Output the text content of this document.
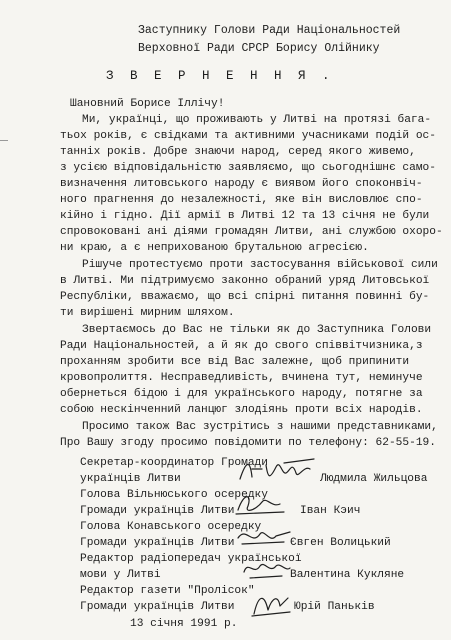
Заступнику Голови Ради Національностей
Верховної Ради СРСР Борису Олійнику
З В Е Р Н Е Н Н Я .
Шановний Борисе Іллічу!
Ми, українці, що проживають у Литві на протязі бага-
тьох років, є свідками та активними учасниками подій ос-
танніх років. Добре знаючи народ, серед якого живемо,
з усією відповідальністю заявляємо, що сьогоднішнє само-
визначення литовського народу є виявом його споконвіч-
ного прагнення до незалежності, яке він висловлює спо-
кійно і гідно. Дії армії в Литві 12 та 13 січня не були
спровоковані ані діями громадян Литви, ані службою охоро-
ни краю, а є неприхованою брутальною агресією.
Рішуче протестуємо проти застосування військової сили
в Литві. Ми підтримуємо законно обраний уряд Литовської
Республіки, вважаємо, що всі спірні питання повинні бу-
ти вирішені мирним шляхом.
Звертаємось до Вас не тільки як до Заступника Голови
Ради Національностей, а й як до свого співвітчизника,з
проханням зробити все від Вас залежне, щоб припинити
кровопролиття. Несправедливість, вчинена тут, неминуче
обернеться бідою і для українського народу, потягне за
собою нескінченний ланцюг злодіянь проти всіх народів.
Просимо також Вас зустрітись з нашими представниками,
Про Вашу згоду просимо повідомити по телефону: 62-55-19.
Секретар-координатор Громади
українців Литви	Людмила Жильцова
Голова Вільнюського осередку
Громади українців Литви	Іван Кэич
Голова Конавського осередку
Громади українців Литви	Євген Волицький
Редактор радіопередач української
мови у Литві	Валентина Кукляне
Редактор газети "Пролісок"
Громади українців Литви	Юрій Панькiв
13 січня 1991 р.
